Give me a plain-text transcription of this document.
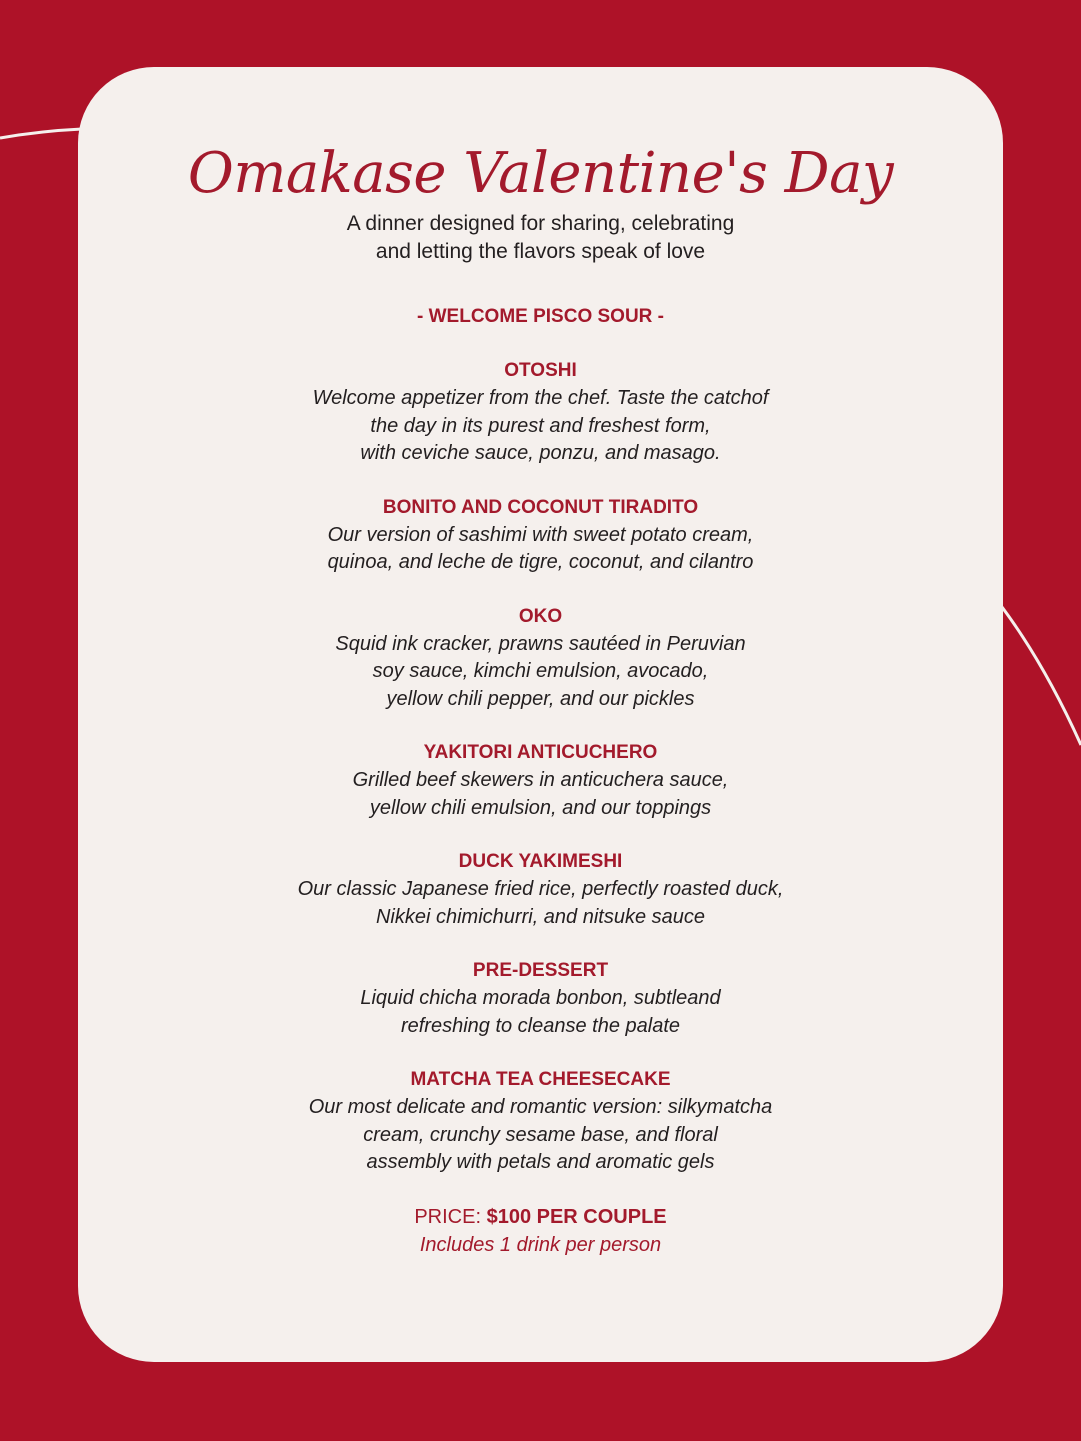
Omakase Valentine's Day
A dinner designed for sharing, celebrating
and letting the flavors speak of love

- WELCOME PISCO SOUR -

OTOSHI

Welcome appetizer from the chef. Taste the catchof
the day in its purest and freshest form,
with ceviche sauce, ponzu, and masago.

BONITO AND COCONUT TIRADITO

Our version of sashimi with sweet potato cream,
quinoa, and leche de tigre, coconut, and cilantro

OKO

Squid ink cracker, prawns sautéed in Peruvian
soy sauce, kimchi emulsion, avocado,
yellow chili pepper, and our pickles

YAKITORI ANTICUCHERO

Grilled beef skewers in anticuchera sauce,
yellow chili emulsion, and our toppings

DUCK YAKIMESHI

Our classic Japanese fried rice, perfectly roasted duck,
Nikkei chimichurri, and nitsuke sauce

PRE-DESSERT

Liquid chicha morada bonbon, subtleand
refreshing to cleanse the palate

MATCHA TEA CHEESECAKE

Our most delicate and romantic version: silkymatcha
cream, crunchy sesame base, and floral
assembly with petals and aromatic gels

PRICE: $100 PER COUPLE

Includes 1 drink per person
